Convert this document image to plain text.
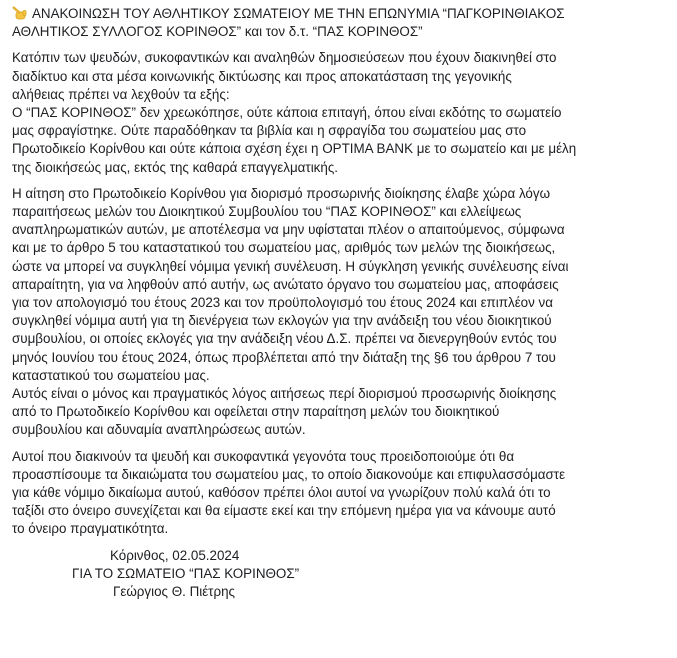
ΑΝΑΚΟΙΝΩΣΗ ΤΟΥ ΑΘΛΗΤΙΚΟΥ ΣΩΜΑΤΕΙΟΥ ΜΕ ΤΗΝ ΕΠΩΝΥΜΙΑ “ΠΑΓΚΟΡΙΝΘΙΑΚΟΣ
ΑΘΛΗΤΙΚΟΣ ΣΥΛΛΟΓΟΣ ΚΟΡΙΝΘΟΣ” και τον δ.τ. “ΠΑΣ ΚΟΡΙΝΘΟΣ”
Κατόπιν των ψευδών, συκοφαντικών και αναληθών δημοσιεύσεων που έχουν διακινηθεί στο
διαδίκτυο και στα μέσα κοινωνικής δικτύωσης και προς αποκατάσταση της γεγονικής
αλήθειας πρέπει να λεχθούν τα εξής:
Ο “ΠΑΣ ΚΟΡΙΝΘΟΣ” δεν χρεωκόπησε, ούτε κάποια επιταγή, όπου είναι εκδότης το σωματείο
μας σφραγίστηκε. Ούτε παραδόθηκαν τα βιβλία και η σφραγίδα του σωματείου μας στο
Πρωτοδικείο Κορίνθου και ούτε κάποια σχέση έχει η OPTIMA BANK με το σωματείο και με μέλη
της διοικήσεώς μας, εκτός της καθαρά επαγγελματικής.
Η αίτηση στο Πρωτοδικείο Κορίνθου για διορισμό προσωρινής διοίκησης έλαβε χώρα λόγω
παραιτήσεως μελών του Διοικητικού Συμβουλίου του “ΠΑΣ ΚΟΡΙΝΘΟΣ” και ελλείψεως
αναπληρωματικών αυτών, με αποτέλεσμα να μην υφίσταται πλέον ο απαιτούμενος, σύμφωνα
και με το άρθρο 5 του καταστατικού του σωματείου μας, αριθμός των μελών της διοικήσεως,
ώστε να μπορεί να συγκληθεί νόμιμα γενική συνέλευση. Η σύγκληση γενικής συνέλευσης είναι
απαραίτητη, για να ληφθούν από αυτήν, ως ανώτατο όργανο του σωματείου μας, αποφάσεις
για τον απολογισμό του έτους 2023 και τον προϋπολογισμό του έτους 2024 και επιπλέον να
συγκληθεί νόμιμα αυτή για τη διενέργεια των εκλογών για την ανάδειξη του νέου διοικητικού
συμβουλίου, οι οποίες εκλογές για την ανάδειξη νέου Δ.Σ. πρέπει να διενεργηθούν εντός του
μηνός Ιουνίου του έτους 2024, όπως προβλέπεται από την διάταξη της §6 του άρθρου 7 του
καταστατικού του σωματείου μας.
Αυτός είναι ο μόνος και πραγματικός λόγος αιτήσεως περί διορισμού προσωρινής διοίκησης
από το Πρωτοδικείο Κορίνθου και οφείλεται στην παραίτηση μελών του διοικητικού
συμβουλίου και αδυναμία αναπληρώσεως αυτών.
Αυτοί που διακινούν τα ψευδή και συκοφαντικά γεγονότα τους προειδοποιούμε ότι θα
προασπίσουμε τα δικαιώματα του σωματείου μας, το οποίο διακονούμε και επιφυλασσόμαστε
για κάθε νόμιμο δικαίωμα αυτού, καθόσον πρέπει όλοι αυτοί να γνωρίζουν πολύ καλά ότι το
ταξίδι στο όνειρο συνεχίζεται και θα είμαστε εκεί και την επόμενη ημέρα για να κάνουμε αυτό
το όνειρο πραγματικότητα.
Κόρινθος, 02.05.2024
ΓΙΑ ΤΟ ΣΩΜΑΤΕΙΟ “ΠΑΣ ΚΟΡΙΝΘΟΣ”
Γεώργιος Θ. Πιέτρης
